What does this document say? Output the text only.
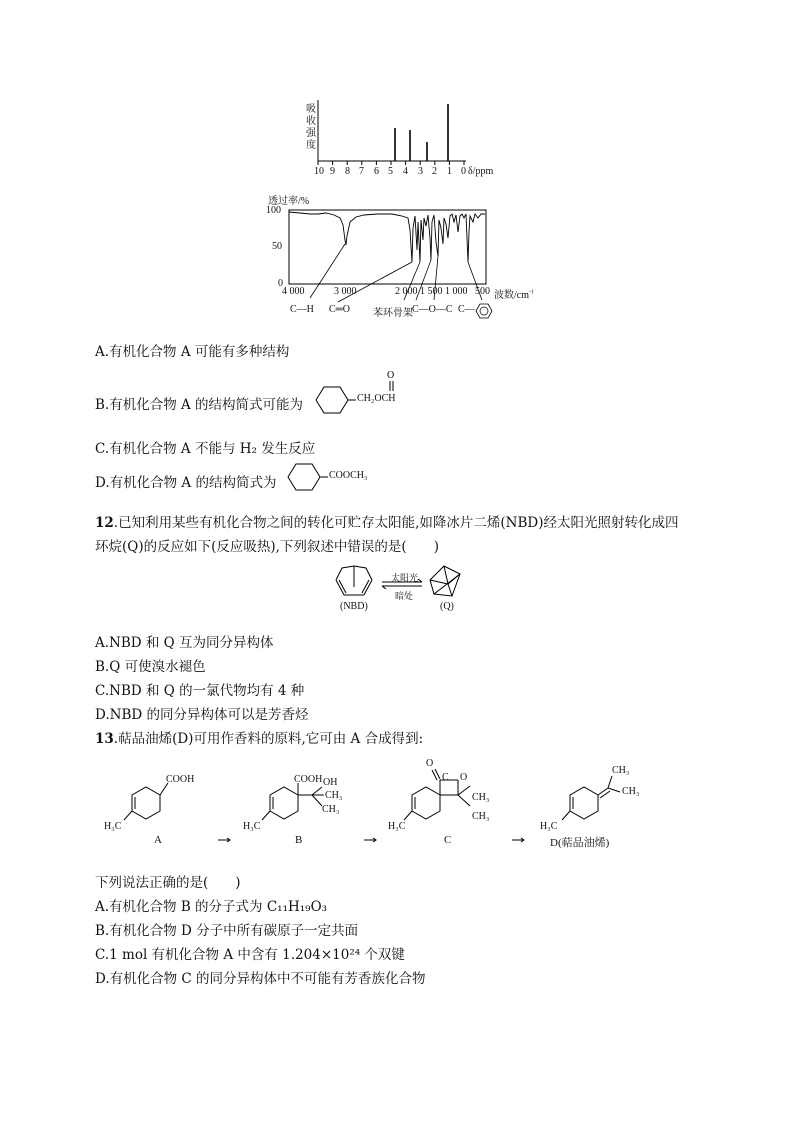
吸
收
强
度
10 9 8 7 6 5 4 3 2 1 0 δ/ppm
透过率/%
100
50
0
4 000	3 000	2 000 1 500 1 000 500 波数$/cm^{-1}$
C—H C═O 苯环骨架 C—O—C C—
A.有机化合物 A 可能有多种结构
B.有机化合物 A 的结构简式可能为
O
CH₂OCH
C.有机化合物 A 不能与 H₂ 发生反应
D.有机化合物 A 的结构简式为	COOCH₃
12.已知利用某些有机化合物之间的转化可贮存太阳能,如降冰片二烯(NBD)经太阳光照射转化成四
环烷(Q)的反应如下(反应吸热),下列叙述中错误的是(　　)
太阳光
暗处
(NBD)	(Q)
A.NBD 和 Q 互为同分异构体
B.Q 可使溴水褪色
C.NBD 和 Q 的一氯代物均有 4 种
D.NBD 的同分异构体可以是芳香烃
13.萜品油烯(D)可用作香料的原料,它可由 A 合成得到:
COOH
H₃C
A
COOH OH
CH₃
CH₃
H₃C
B
O
C O
CH₃
CH₃
H₃C
C
CH₃
CH₃
H₃C
D(萜品油烯)
下列说法正确的是(　　)
A.有机化合物 B 的分子式为 C₁₁H₁₉O₃
B.有机化合物 D 分子中所有碳原子一定共面
C.1 mol 有机化合物 A 中含有 1.204×10²⁴ 个双键
D.有机化合物 C 的同分异构体中不可能有芳香族化合物
